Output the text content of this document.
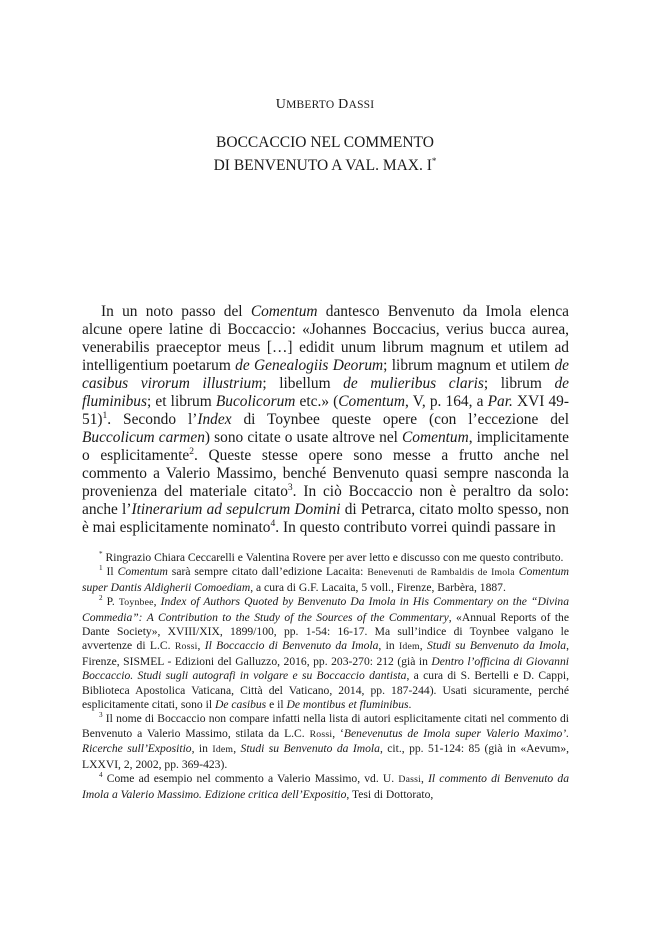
UMBERTO DASSI
BOCCACCIO NEL COMMENTO
DI BENVENUTO A VAL. MAX. I*

In un noto passo del Comentum dantesco Benvenuto da Imola elenca alcune opere latine di Boccaccio: «Johannes Boccacius, verius bucca aurea, venerabilis praeceptor meus […] edidit unum librum magnum et utilem ad intelligentium poetarum de Genealogiis Deorum; librum magnum et utilem de casibus virorum illustrium; libellum de mulieribus claris; librum de fluminibus; et librum Bucolicorum etc.» (Comentum, V, p. 164, a Par. XVI 49-51)$^1$. Secondo l’Index di Toynbee queste opere (con l’eccezione del Buccolicum carmen) sono citate o usate altrove nel Comentum, implicitamente o esplicitamente$^2$. Queste stesse opere sono messe a frutto anche nel commento a Valerio Massimo, benché Benvenuto quasi sempre nasconda la provenienza del materiale citato$^3$. In ciò Boccaccio non è peraltro da solo: anche l’Itinerarium ad sepulcrum Domini di Petrarca, citato molto spesso, non è mai esplicitamente nominato$^4$. In questo contributo vorrei quindi passare in

* Ringrazio Chiara Ceccarelli e Valentina Rovere per aver letto e discusso con me questo contributo.

$^1$ Il Comentum sarà sempre citato dall’edizione Lacaita: Benevenuti de Rambaldis de Imola Comentum super Dantis Aldigherii Comoediam, a cura di G.F. Lacaita, 5 voll., Firenze, Barbèra, 1887.

$^2$ P. Toynbee, Index of Authors Quoted by Benvenuto Da Imola in His Commentary on the “Divina Commedia”: A Contribution to the Study of the Sources of the Commentary, «Annual Reports of the Dante Society», XVIII/XIX, 1899/100, pp. 1-54: 16-17. Ma sull’indice di Toynbee valgano le avvertenze di L.C. Rossi, Il Boccaccio di Benvenuto da Imola, in Idem, Studi su Benvenuto da Imola, Firenze, SISMEL - Edizioni del Galluzzo, 2016, pp. 203-270: 212 (già in Dentro l’officina di Giovanni Boccaccio. Studi sugli autografi in volgare e su Boccaccio dantista, a cura di S. Bertelli e D. Cappi, Biblioteca Apostolica Vaticana, Città del Vaticano, 2014, pp. 187-244). Usati sicuramente, perché esplicitamente citati, sono il De casibus e il De montibus et fluminibus.

$^3$ Il nome di Boccaccio non compare infatti nella lista di autori esplicitamente citati nel commento di Benvenuto a Valerio Massimo, stilata da L.C. Rossi, ‘Benevenutus de Imola super Valerio Maximo’. Ricerche sull’Expositio, in Idem, Studi su Benvenuto da Imola, cit., pp. 51-124: 85 (già in «Aevum», LXXVI, 2, 2002, pp. 369-423).

$^4$ Come ad esempio nel commento a Valerio Massimo, vd. U. Dassi, Il commento di Benvenuto da Imola a Valerio Massimo. Edizione critica dell’Expositio, Tesi di Dottorato,
